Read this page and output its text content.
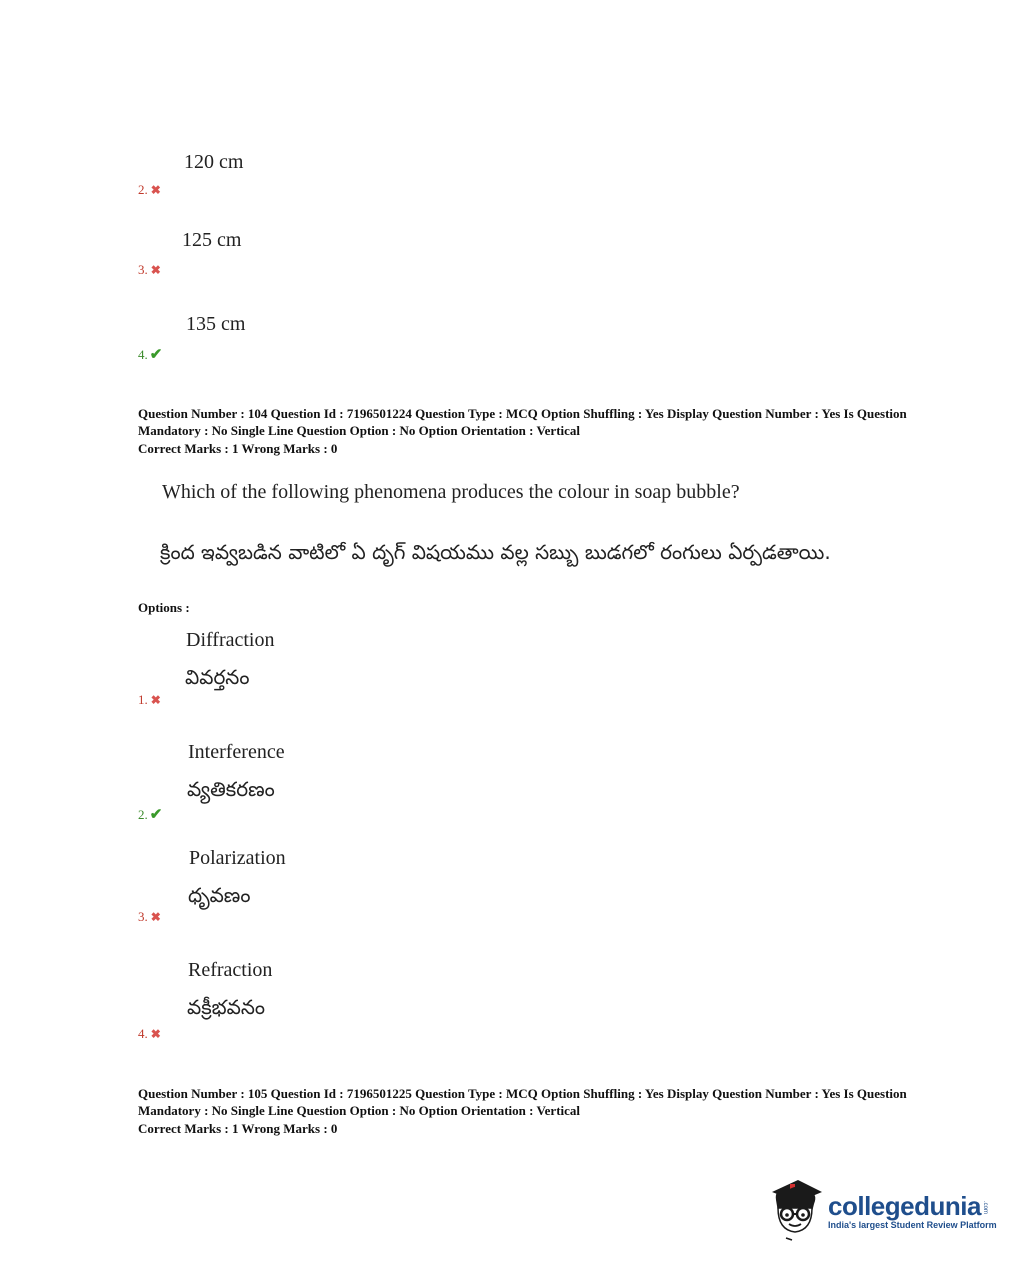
120 cm
2. ✖
125 cm
3. ✖
135 cm
4. ✔
Question Number : 104 Question Id : 7196501224 Question Type : MCQ Option Shuffling : Yes Display Question Number : Yes Is Question Mandatory : No Single Line Question Option : No Option Orientation : Vertical
Correct Marks : 1 Wrong Marks : 0
Which of the following phenomena produces the colour in soap bubble?
క్రింద ఇవ్వబడిన వాటిలో ఏ దృగ్ విషయము వల్ల సబ్బు బుడగలో రంగులు ఏర్పడతాయి.
Options :
Diffraction
వివర్తనం
1. ✖
Interference
వ్యతికరణం
2. ✔
Polarization
ధృవణం
3. ✖
Refraction
వక్రీభవనం
4. ✖
Question Number : 105 Question Id : 7196501225 Question Type : MCQ Option Shuffling : Yes Display Question Number : Yes Is Question Mandatory : No Single Line Question Option : No Option Orientation : Vertical
Correct Marks : 1 Wrong Marks : 0
collegedunia.com
India's largest Student Review Platform
